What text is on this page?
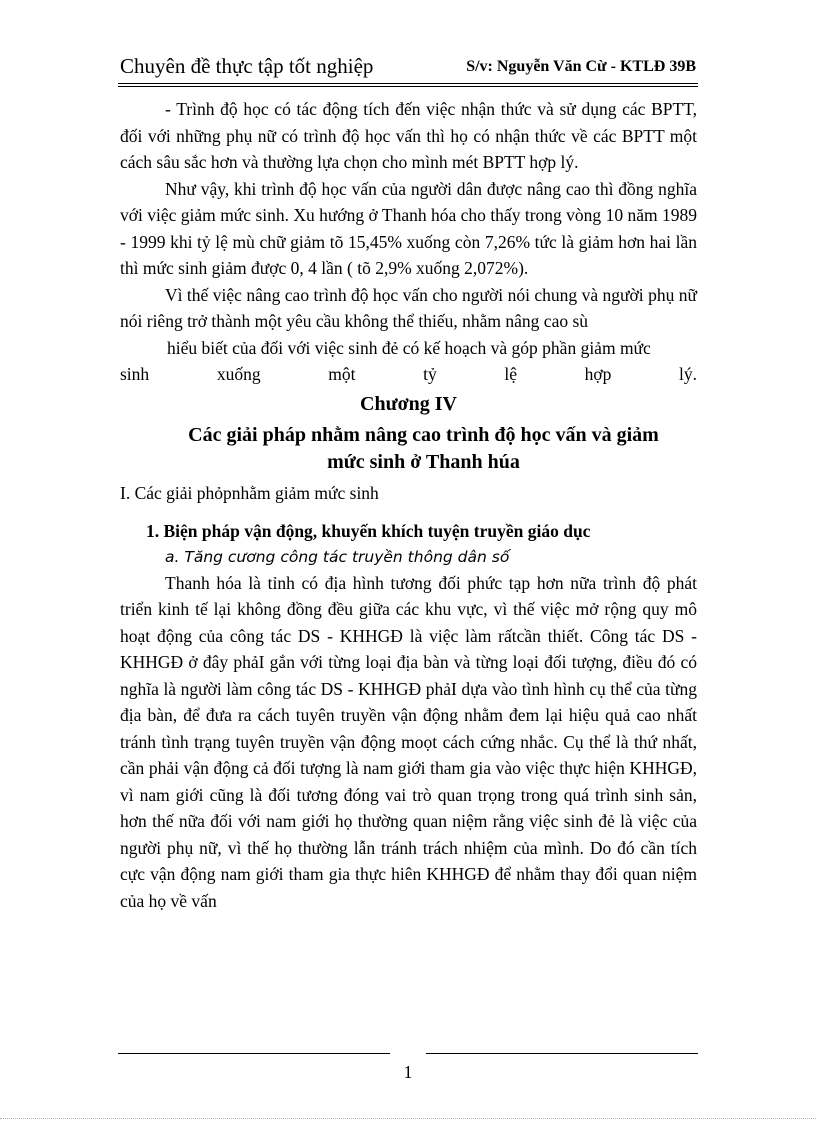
Chuyên đề thực tập tốt nghiệp	S/v: Nguyễn Văn Cừ - KTLĐ 39B

- Trình độ học có tác động tích đến việc nhận thức và sử dụng các BPTT, đối với những phụ nữ có trình độ học vấn thì họ có nhận thức về các BPTT một cách sâu sắc hơn và thường lựa chọn cho mình mét BPTT hợp lý.

Như vậy, khi trình độ học vấn của người dân được nâng cao thì đồng nghĩa với việc giảm mức sinh. Xu hướng ở Thanh hóa cho thấy trong vòng 10 năm 1989 - 1999 khi tỷ lệ mù chữ giảm tõ 15,45% xuống còn 7,26% tức là giảm hơn hai lần thì mức sinh giảm được 0, 4 lần ( tõ 2,9% xuống 2,072%).

Vì thế việc nâng cao trình độ học vấn cho người nói chung và người phụ nữ nói riêng trở thành một yêu cầu không thể thiếu, nhằm nâng cao sù

hiểu biết của đối với việc sinh đẻ có kế hoạch và góp phần giảm mức

sinh xuống một tỷ lệ hợp lý.

Chương IV
Các giải pháp nhằm nâng cao trình độ học vấn và giảm
mức sinh ở Thanh húa
I. Các giải phỏpnhằm giảm mức sinh
1. Biện pháp vận động, khuyến khích tuyện truyền giáo dục
a. Tăng cương công tác truyền thông dân số

Thanh hóa là tỉnh có địa hình tương đối phức tạp hơn nữa trình độ phát triển kinh tế lại không đồng đều giữa các khu vực, vì thế việc mở rộng quy mô hoạt động của công tác DS - KHHGĐ là việc làm rấtcần thiết. Công tác DS - KHHGĐ ở đây phảI gắn với từng loại địa bàn và từng loại đối tượng, điều đó có nghĩa là người làm công tác DS - KHHGĐ phảI dựa vào tình hình cụ thể của từng địa bàn, để đưa ra cách tuyên truyền vận động nhằm đem lại hiệu quả cao nhất tránh tình trạng tuyên truyền vận động moọt cách cứng nhắc. Cụ thể là thứ nhất, cần phải vận động cả đối tượng là nam giới tham gia vào việc thực hiện KHHGĐ, vì nam giới cũng là đối tương đóng vai trò quan trọng trong quá trình sinh sản, hơn thế nữa đối với nam giới họ thường quan niệm rằng việc sinh đẻ là việc của người phụ nữ, vì thế họ thường lẫn tránh trách nhiệm của mình. Do đó cần tích cực vận động nam giới tham gia thực hiên KHHGĐ để nhằm thay đổi quan niệm của họ về vấn

1
